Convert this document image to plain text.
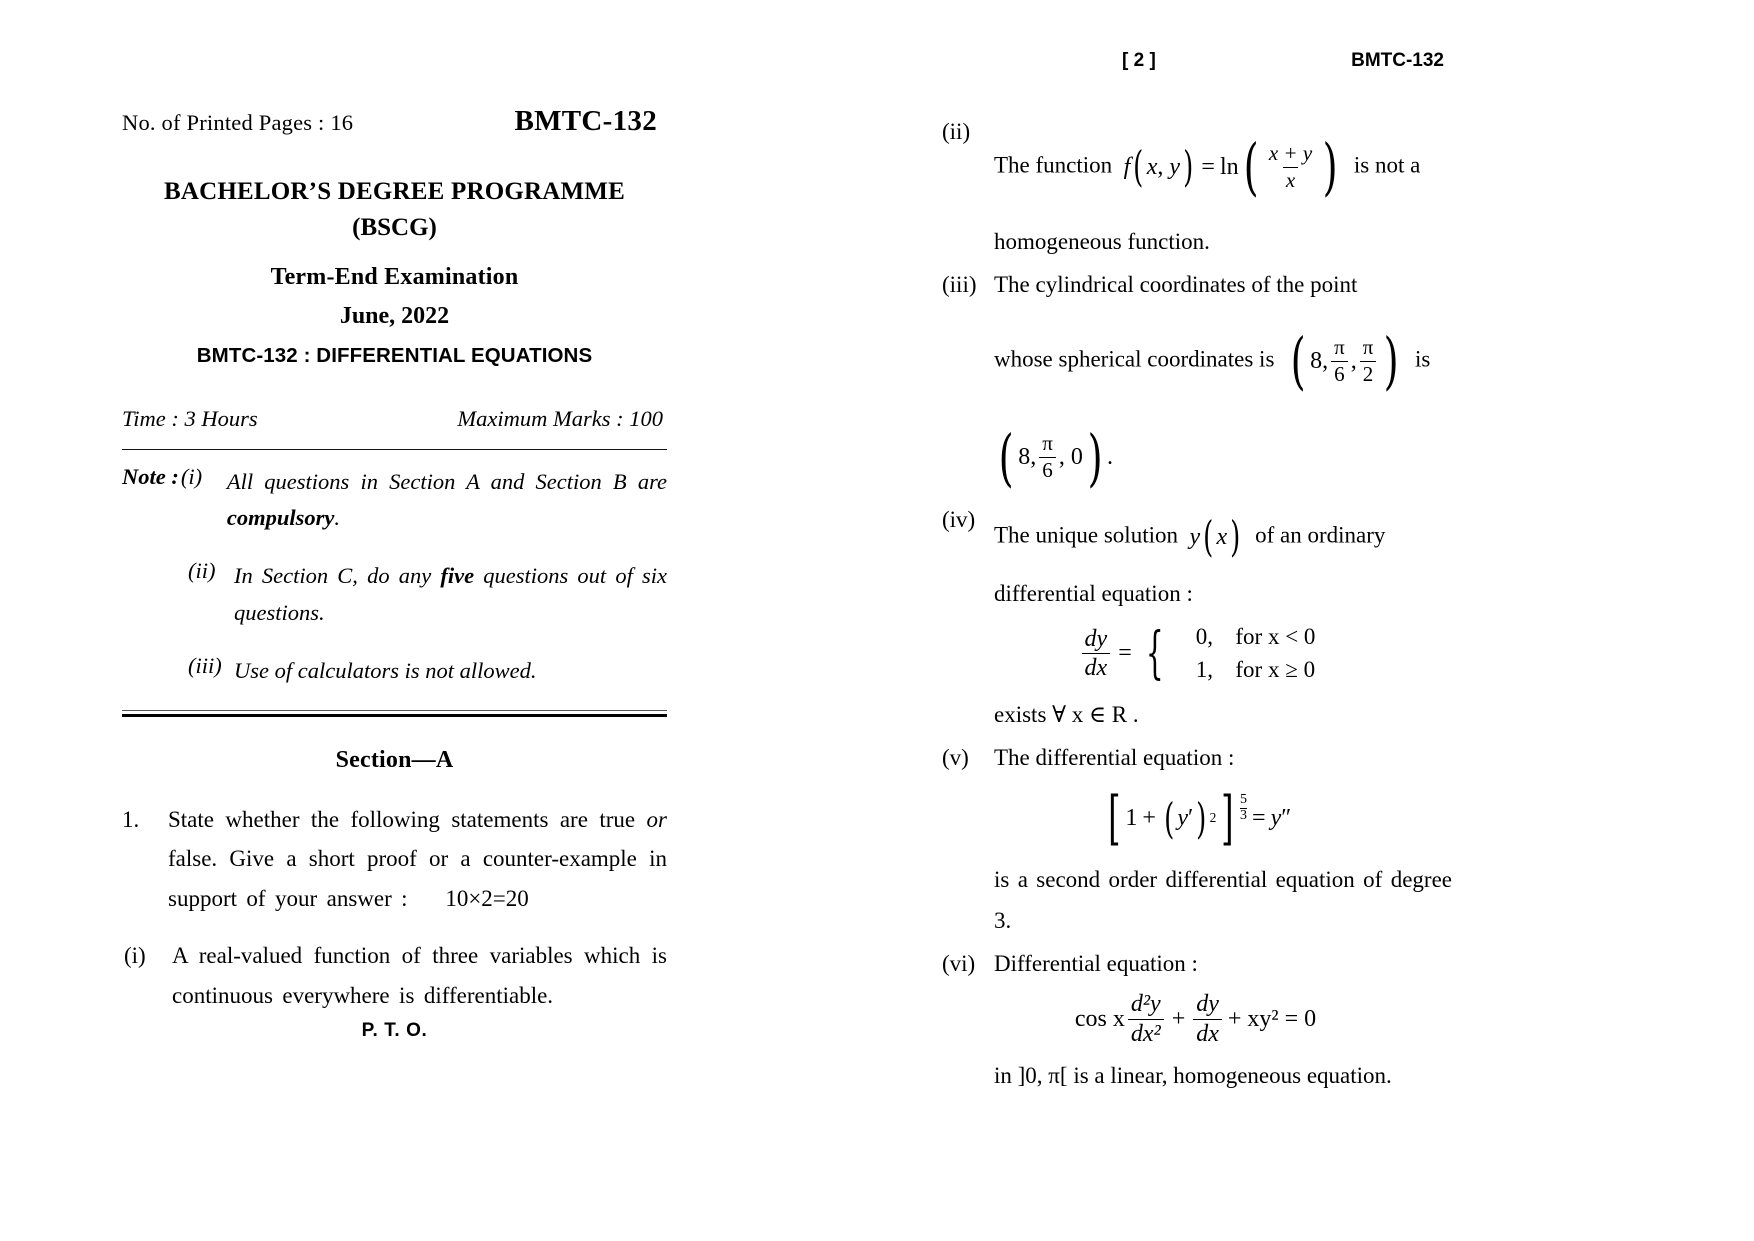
No. of Printed Pages : 16	BMTC-132
BACHELOR’S DEGREE PROGRAMME
(BSCG)
Term-End Examination
June, 2022
BMTC-132 : DIFFERENTIAL EQUATIONS
Time : 3 Hours	Maximum Marks : 100
Note : (i)	All questions in Section A and Section B are compulsory.
(ii) In Section C, do any five questions out of six questions.
(iii) Use of calculators is not allowed.
Section—A
1.	State whether the following statements are true or false. Give a short proof or a counter-example in support of your answer : 10×2=20
(i)	A real-valued function of three variables which is continuous everywhere is differentiable.
P. T. O.
[ 2 ]	BMTC-132
(ii)
The function f ( x , y ) = ln ( $\frac{x + y}{x}$ ) is not a
homogeneous function.
(iii) The cylindrical coordinates of the point
whose spherical coordinates is ( 8, $\frac{\pi}{6}$ , $\frac{\pi}{2}$ ) is
( 8, $\frac{\pi}{6}$ , 0 ) .
(iv)
The unique solution y ( x ) of an ordinary
differential equation :
$\frac{dy}{dx}$ = {	0, for x < 0
1, for x ≥ 0
exists ∀ x ∈ R .
(v)	The differential equation :
[ 1 + ( y ′ ) 2 ] $\frac{5}{3} = y$ ″
is a second order differential equation of degree 3.
(vi) Differential equation :
cos x $\frac{\text{d²y}}{\text{dx²}} + \frac{dy}{dx} + xy^2 = 0$
in ]0, π[ is a linear, homogeneous equation.
